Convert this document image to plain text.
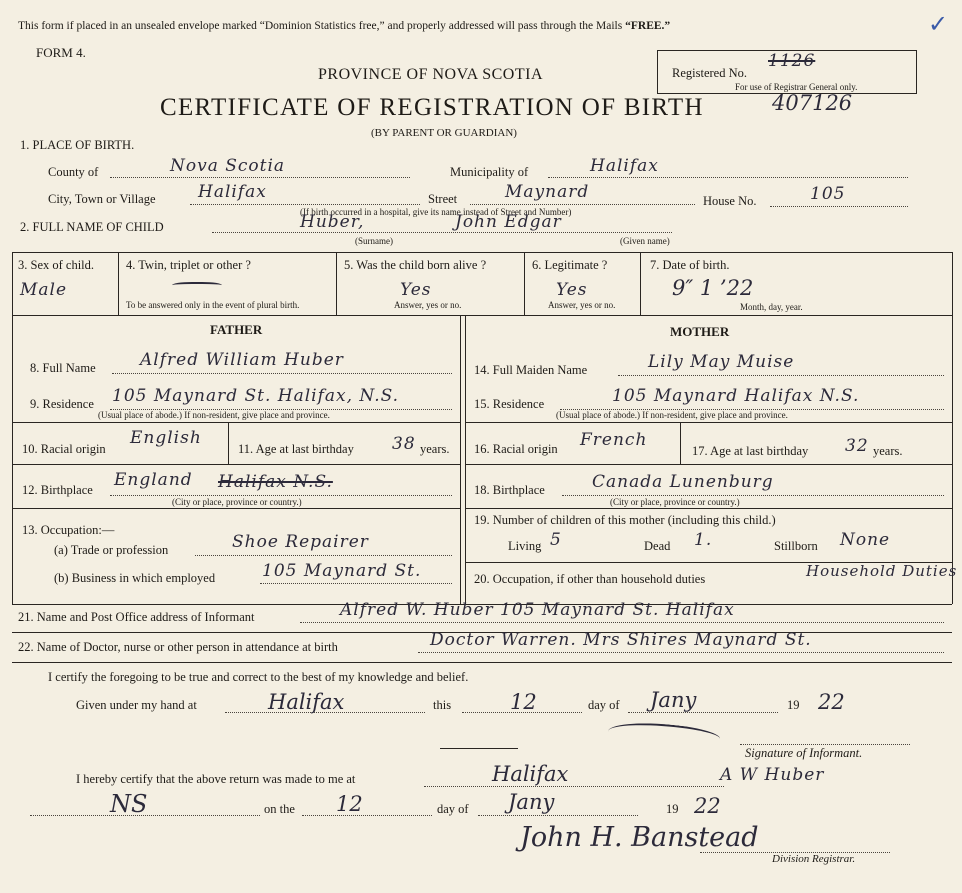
This form if placed in an unsealed envelope marked “Dominion Statistics free,” and properly addressed will pass through the Mails “FREE.”	✓
FORM 4.
PROVINCE OF NOVA SCOTIA
CERTIFICATE OF REGISTRATION OF BIRTH
(BY PARENT OR GUARDIAN)
Registered No.
1126
For use of Registrar General only.
407126
1. PLACE OF BIRTH.
County of	Nova Scotia	Municipality of	Halifax
City, Town or Village Halifax	Street	Maynard	House No.	105
(If birth occurred in a hospital, give its name instead of Street and Number)
2. FULL NAME OF CHILD	Huber,	John Edgar
(Surname)	(Given name)
3. Sex of child.
Male
4. Twin, triplet or other ?
To be answered only in the event of plural birth.
5. Was the child born alive ?
Yes
Answer, yes or no.
6. Legitimate ?
Yes
Answer, yes or no.
7. Date of birth.
9″ 1 ’22
Month, day, year.
FATHER	MOTHER
8. Full Name	Alfred William Huber
9. Residence 105 Maynard St. Halifax, N.S.
(Usual place of abode.) If non-resident, give place and province.
10. Racial origin
English
11. Age at last birthday 38 years.
12. Birthplace England Halifax N.S.
(City or place, province or country.)
13. Occupation:—
(a) Trade or profession	Shoe Repairer
(b) Business in which employed	105 Maynard St.
14. Full Maiden Name	Lily May Muise
15. Residence	105 Maynard Halifax N.S.
(Usual place of abode.) If non-resident, give place and province.
16. Racial origin French
17. Age at last birthday 32 years.
18. Birthplace	Canada Lunenburg
(City or place, province or country.)
19. Number of children of this mother (including this child.)
Living 5	Dead 1.	Stillborn None
20. Occupation, if other than household duties	Household Duties
21. Name and Post Office address of Informant	Alfred W. Huber 105 Maynard St. Halifax
22. Name of Doctor, nurse or other person in attendance at birth	Doctor Warren. Mrs Shires Maynard St.
I certify the foregoing to be true and correct to the best of my knowledge and belief.
Given under my hand at	Halifax	this	12	day of Jany	19 22
Signature of Informant.
A W Huber
I hereby certify that the above return was made to me at	Halifax
NS	on the 12	day of Jany	19 22
John H. Banstead
Division Registrar.
